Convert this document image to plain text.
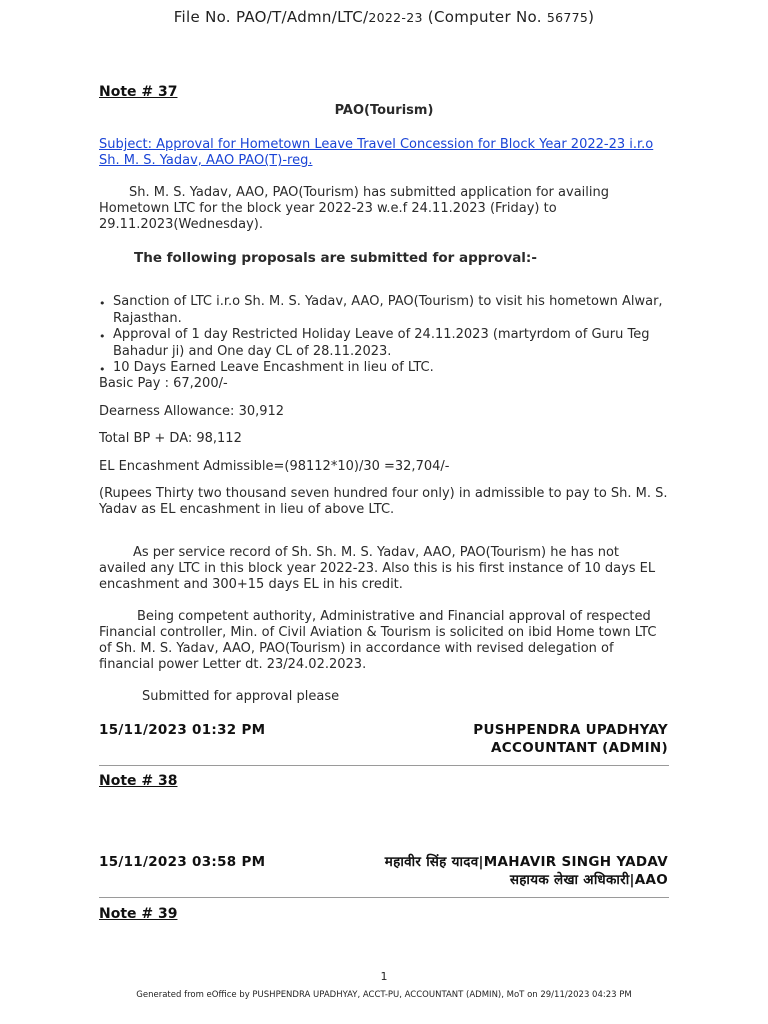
File No. PAO/T/Admn/LTC/2022-23 (Computer No. 56775)
Note # 37
PAO(Tourism)
Subject: Approval for Hometown Leave Travel Concession for Block Year 2022-23 i.r.o Sh. M. S. Yadav, AAO PAO(T)-reg.
Sh. M. S. Yadav, AAO, PAO(Tourism) has submitted application for availing Hometown LTC for the block year 2022-23 w.e.f 24.11.2023 (Friday) to 29.11.2023(Wednesday).
The following proposals are submitted for approval:-
• Sanction of LTC i.r.o Sh. M. S. Yadav, AAO, PAO(Tourism) to visit his hometown Alwar, Rajasthan.
• Approval of 1 day Restricted Holiday Leave of 24.11.2023 (martyrdom of Guru Teg Bahadur ji) and One day CL of 28.11.2023.
• 10 Days Earned Leave Encashment in lieu of LTC.
Basic Pay : 67,200/-
Dearness Allowance: 30,912
Total BP + DA: 98,112
EL Encashment Admissible=(98112*10)/30 =32,704/-
(Rupees Thirty two thousand seven hundred four only) in admissible to pay to Sh. M. S. Yadav as EL encashment in lieu of above LTC.
As per service record of Sh. Sh. M. S. Yadav, AAO, PAO(Tourism) he has not availed any LTC in this block year 2022-23. Also this is his first instance of 10 days EL encashment and 300+15 days EL in his credit.
Being competent authority, Administrative and Financial approval of respected Financial controller, Min. of Civil Aviation & Tourism is solicited on ibid Home town LTC of Sh. M. S. Yadav, AAO, PAO(Tourism) in accordance with revised delegation of financial power Letter dt. 23/24.02.2023.
Submitted for approval please
15/11/2023 01:32 PM	PUSHPENDRA UPADHYAY
ACCOUNTANT (ADMIN)
Note # 38
15/11/2023 03:58 PM	महावीर सिंह यादव|MAHAVIR SINGH YADAV
सहायक लेखा अधिकारी|AAO
Note # 39
1
Generated from eOffice by PUSHPENDRA UPADHYAY, ACCT-PU, ACCOUNTANT (ADMIN), MoT on 29/11/2023 04:23 PM
